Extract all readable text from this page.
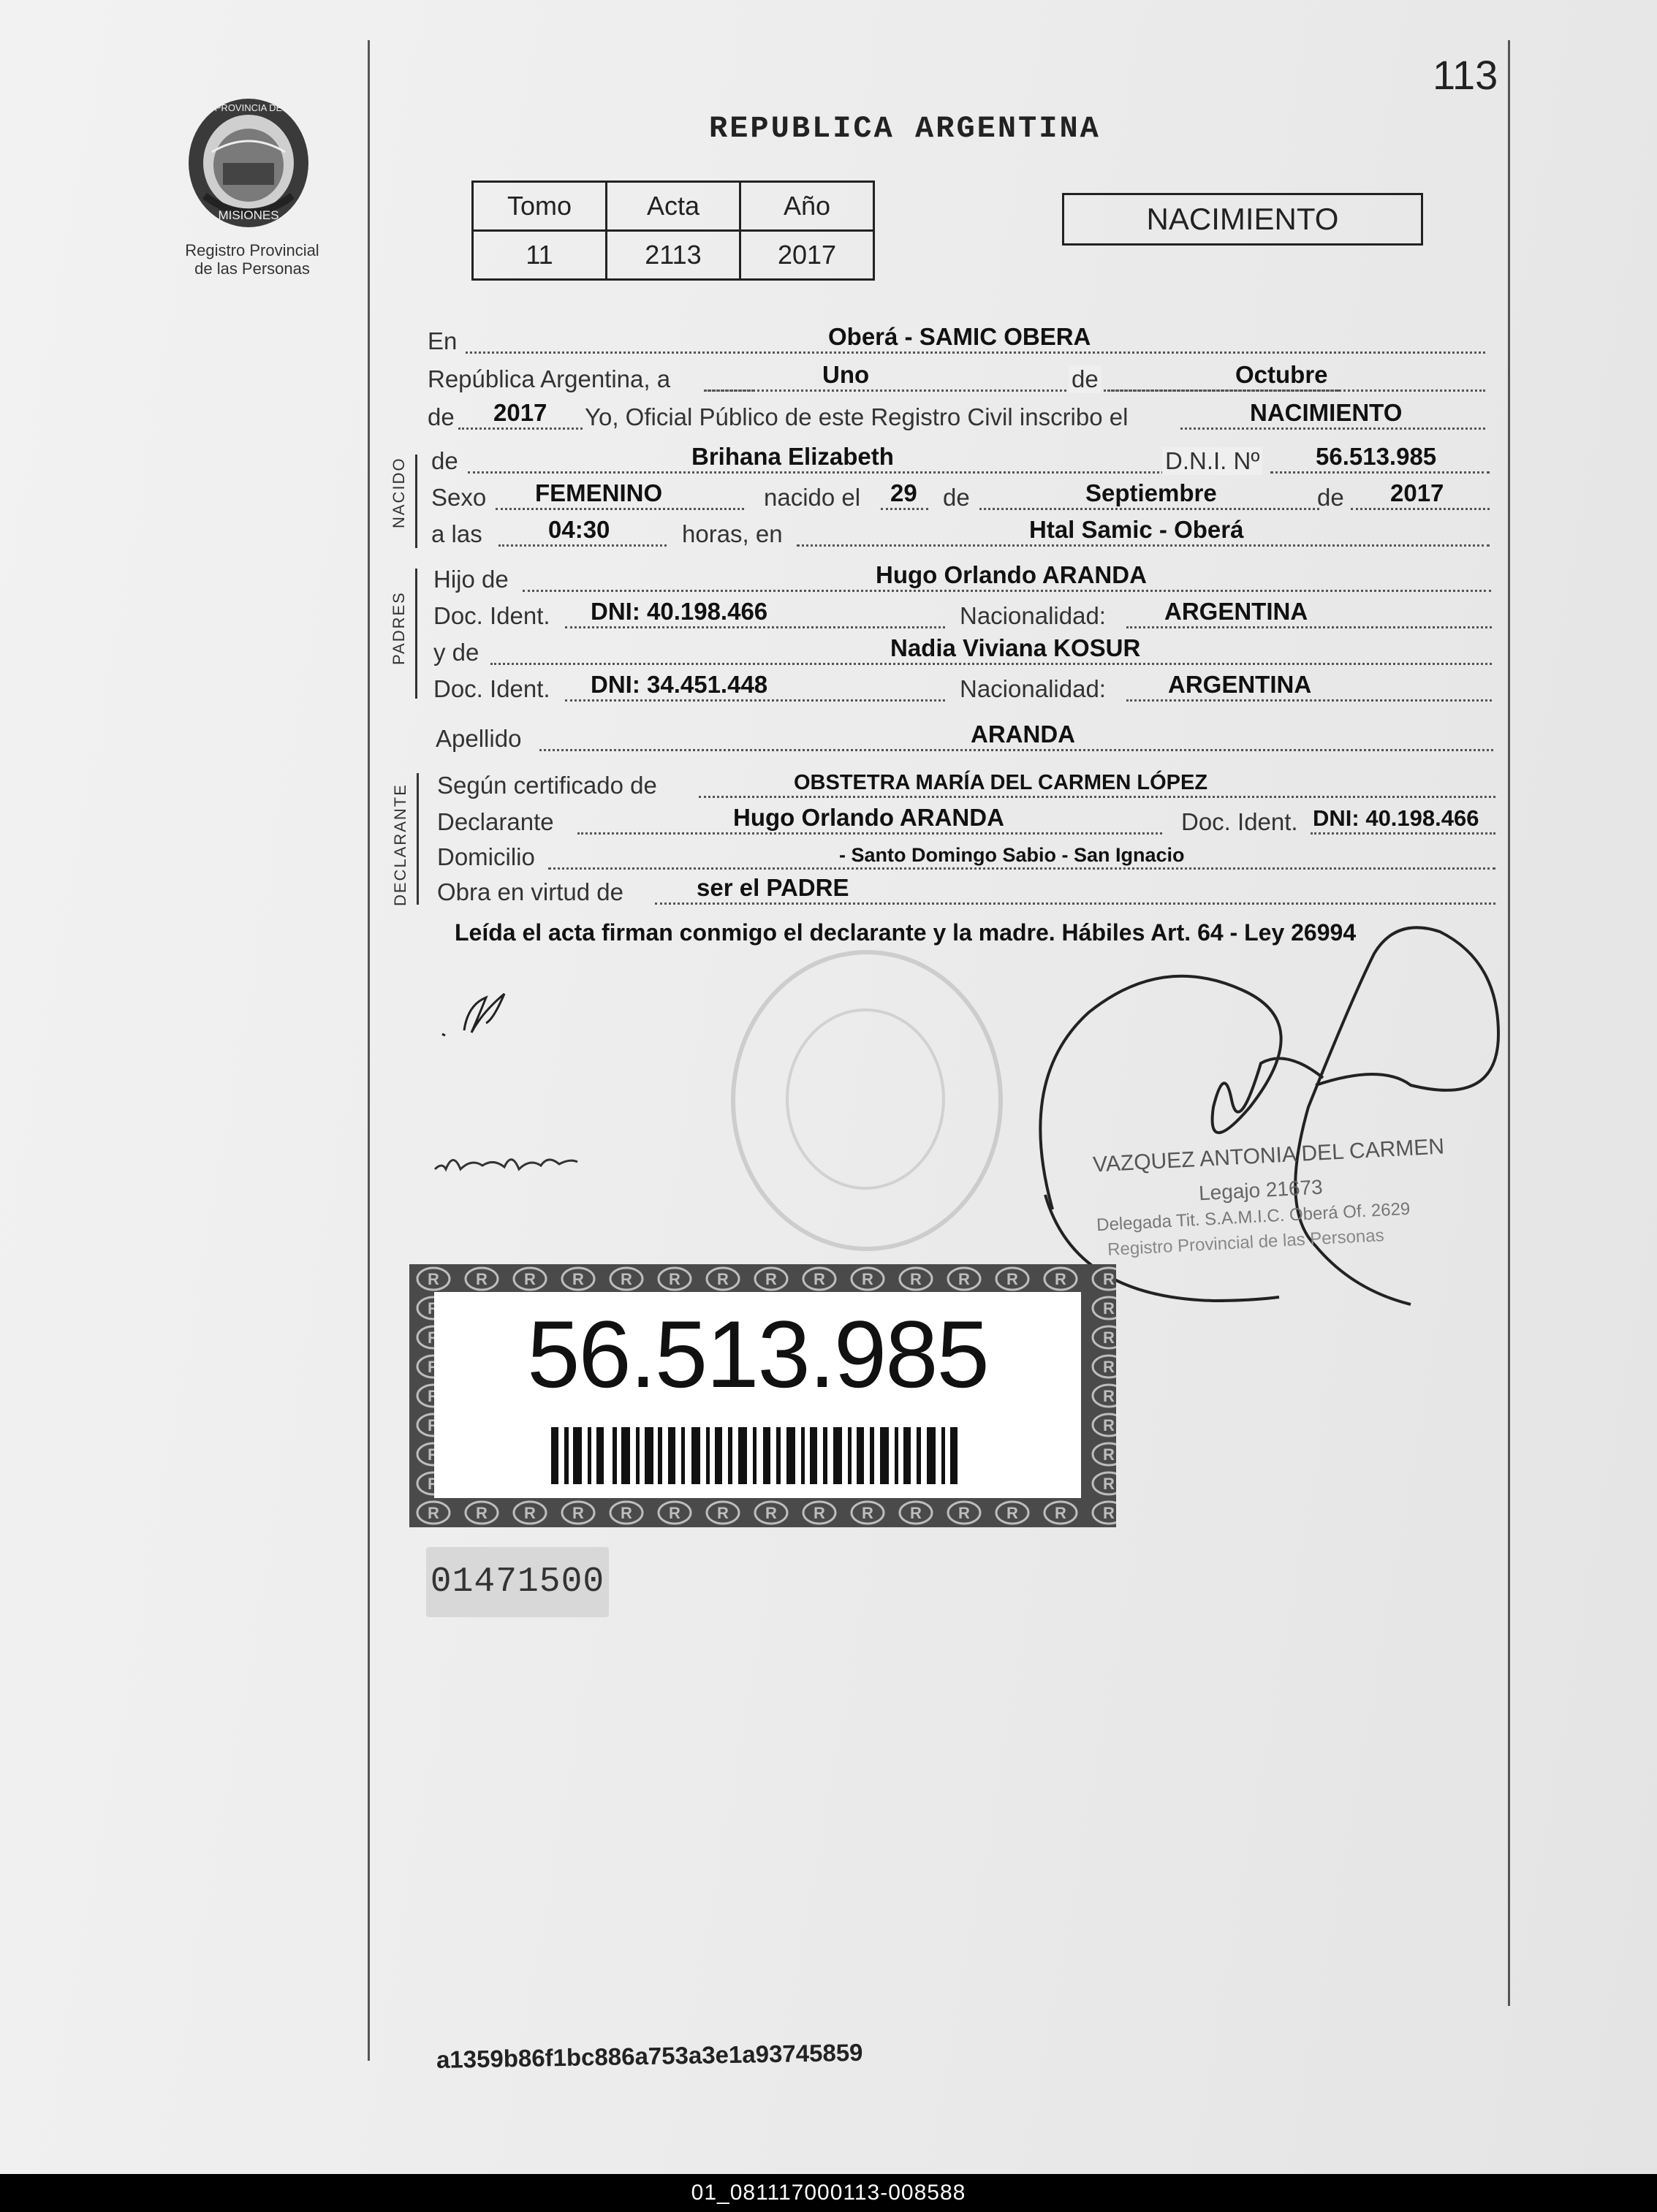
113
PROVINCIA DE
MISIONES
Registro Provincial
de las Personas
REPUBLICA ARGENTINA
Tomo	Acta	Año
11	2113	2017
NACIMIENTO
En	Oberá - SAMIC OBERA
República Argentina, a	Uno	de	Octubre
de 2017 Yo, Oficial Público de este Registro Civil inscribo el	NACIMIENTO
NACIDO de	Brihana Elizabeth	D.N.I. Nº 56.513.985
Sexo FEMENINO	nacido el 29 de	Septiembre	de 2017
a las	04:30	horas, en	Htal Samic - Oberá
PADRES
Hijo de	Hugo Orlando ARANDA
Doc. Ident. DNI: 40.198.466	Nacionalidad: ARGENTINA
y de	Nadia Viviana KOSUR
Doc. Ident. DNI: 34.451.448	Nacionalidad:	ARGENTINA
Apellido	ARANDA
DECLARANTE Según certificado de	OBSTETRA MARÍA DEL CARMEN LÓPEZ
Declarante	Hugo Orlando ARANDA	Doc. Ident. DNI: 40.198.466
Domicilio	- Santo Domingo Sabio - San Ignacio
Obra en virtud de	ser el PADRE
Leída el acta firman conmigo el declarante y la madre. Hábiles Art. 64 - Ley 26994
VAZQUEZ ANTONIA DEL CARMEN
Legajo 21673
Delegada Tit. S.A.M.I.C. Oberá Of. 2629
Registro Provincial de las Personas
56.513.985
01471500
a1359b86f1bc886a753a3e1a93745859
01_081117000113-008588
